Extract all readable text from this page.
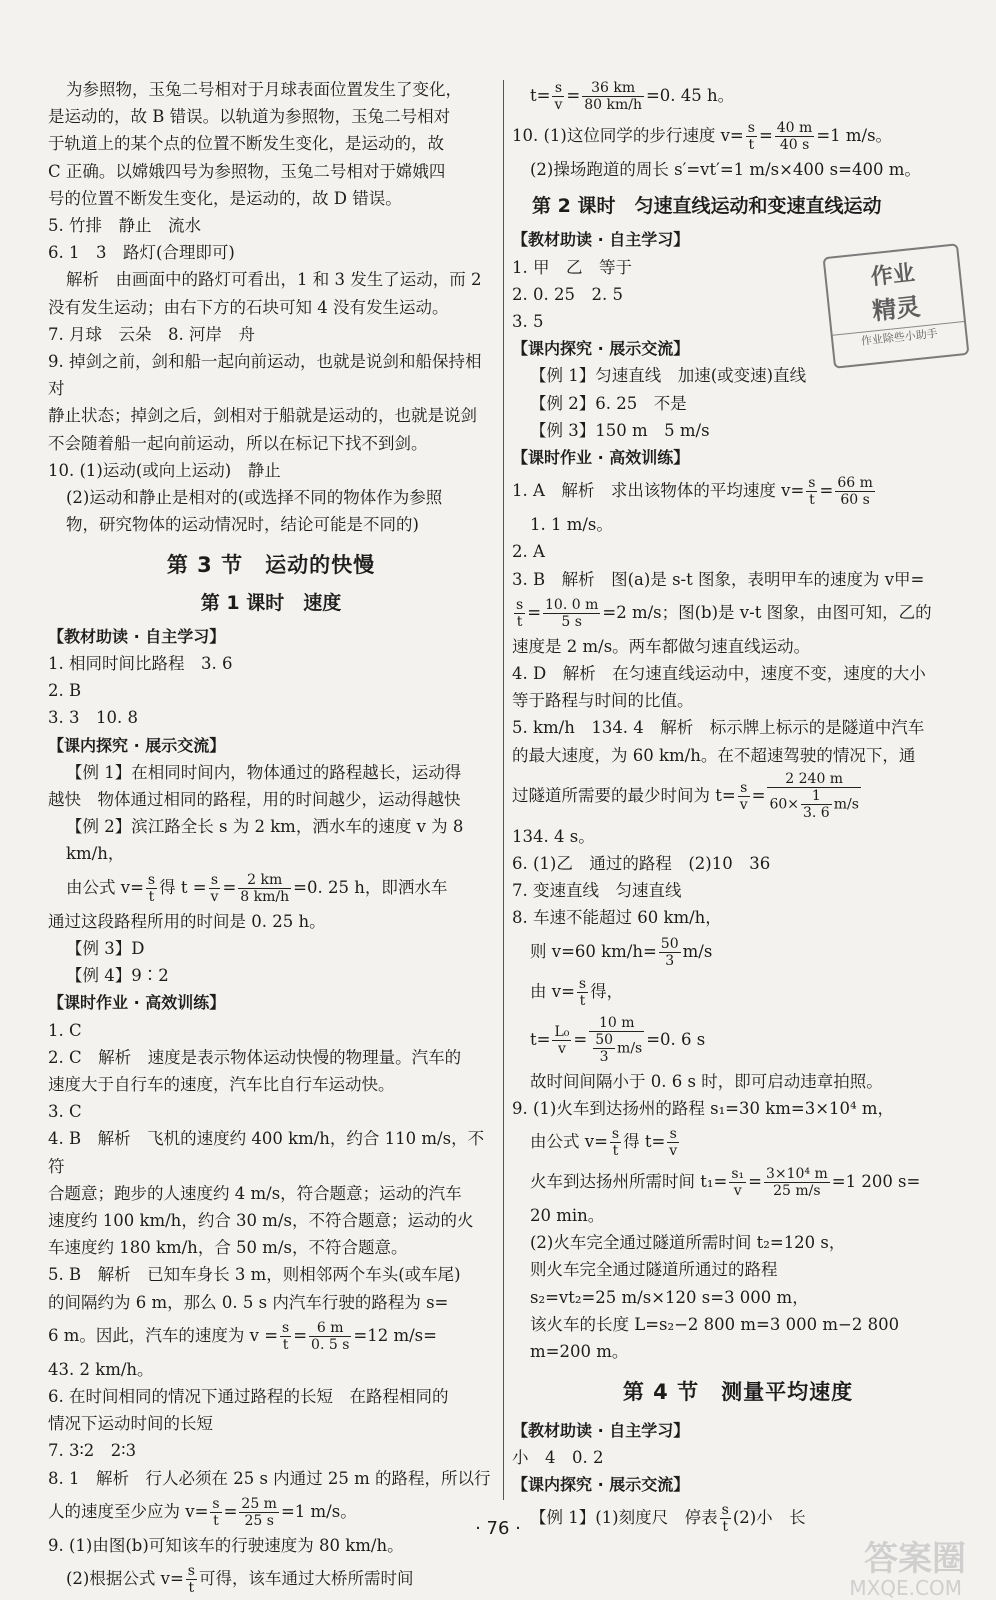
作业
精灵
作业除些小助手

为参照物，玉兔二号相对于月球表面位置发生了变化，

是运动的，故 B 错误。以轨道为参照物，玉兔二号相对

于轨道上的某个点的位置不断发生变化，是运动的，故

C 正确。以嫦娥四号为参照物，玉兔二号相对于嫦娥四

号的位置不断发生变化，是运动的，故 D 错误。

5. 竹排　静止　流水

6. 1　3　路灯(合理即可)

解析　由画面中的路灯可看出，1 和 3 发生了运动，而 2

没有发生运动；由右下方的石块可知 4 没有发生运动。

7. 月球　云朵　8. 河岸　舟

9. 掉剑之前，剑和船一起向前运动，也就是说剑和船保持相对

静止状态；掉剑之后，剑相对于船就是运动的，也就是说剑

不会随着船一起向前运动，所以在标记下找不到剑。

10. (1)运动(或向上运动)　静止

(2)运动和静止是相对的(或选择不同的物体作为参照

物，研究物体的运动情况时，结论可能是不同的)

第 3 节　运动的快慢
第 1 课时　速度

【教材助读 · 自主学习】

1. 相同时间比路程　3. 6

2. B

3. 3　10. 8

【课内探究 · 展示交流】

【例 1】在相同时间内，物体通过的路程越长，运动得

越快　物体通过相同的路程，用的时间越少，运动得越快

【例 2】滨江路全长 s 为 2 km，洒水车的速度 v 为 8 km/h，

由公式 $v= \frac{s}{t}$ 得 $t = \frac{s}{v} = \frac{2 km}{8 km/h} =0$. 25 h，即洒水车

通过这段路程所用的时间是 0. 25 h。

【例 3】D

【例 4】9∶2

【课时作业 · 高效训练】

1. C

2. C　解析　速度是表示物体运动快慢的物理量。汽车的

速度大于自行车的速度，汽车比自行车运动快。

3. C

4. B　解析　飞机的速度约 400 km/h，约合 110 m/s，不符

合题意；跑步的人速度约 4 m/s，符合题意；运动的汽车

速度约 100 km/h，约合 30 m/s，不符合题意；运动的火

车速度约 180 km/h，合 50 m/s，不符合题意。

5. B　解析　已知车身长 3 m，则相邻两个车头(或车尾)

的间隔约为 6 m，那么 0. 5 s 内汽车行驶的路程为 s=

6 m。因此，汽车的速度为 $v = \frac{s}{t} = \frac{6 m}{0. 5 s} =12$ m/s=

43. 2 km/h。

6. 在时间相同的情况下通过路程的长短　在路程相同的

情况下运动时间的长短

7. 3∶2　2∶3

8. 1　解析　行人必须在 25 s 内通过 25 m 的路程，所以行

人的速度至少应为 $v= \frac{s}{t} = \frac{25 m}{25 s} =1$ m/s。

9. (1)由图(b)可知该车的行驶速度为 80 km/h。

(2)根据公式 $v= \frac{s}{t}$ 可得，该车通过大桥所需时间

$t= \frac{s}{v} = \frac{36 km}{80 km/h} =0$. 45 h。

10. (1)这位同学的步行速度 $v= \frac{s}{t} = \frac{40 m}{40 s} =1$ m/s。

(2)操场跑道的周长 s′=vt′=1 m/s×400 s=400 m。

第 2 课时　匀速直线运动和变速直线运动

【教材助读 · 自主学习】

1. 甲　乙　等于

2. 0. 25　2. 5

3. 5

【课内探究 · 展示交流】

【例 1】匀速直线　加速(或变速)直线

【例 2】6. 25　不是

【例 3】150 m　5 m/s

【课时作业 · 高效训练】

1. A　解析　求出该物体的平均速度 $v= \frac{s}{t} = \frac{66 m}{60 s}$

1. 1 m/s。

2. A

3. B　解析　图(a)是 s-t 图象，表明甲车的速度为 v甲=

$\frac{s}{t} = \frac{10. 0 m}{5 s} =2$ m/s；图(b)是 v-t 图象，由图可知，乙的

速度是 2 m/s。两车都做匀速直线运动。

4. D　解析　在匀速直线运动中，速度不变，速度的大小

等于路程与时间的比值。

5. km/h　134. 4　解析　标示牌上标示的是隧道中汽车

的最大速度，为 60 km/h。在不超速驾驶的情况下，通

过隧道所需要的最少时间为 $t= \frac{s}{v} = \frac{2 240 m}{60\times \frac{1}{3. 6} m/s}$

134. 4 s。

6. (1)乙　通过的路程　(2)10　36

7. 变速直线　匀速直线

8. 车速不能超过 60 km/h，

则 v=60 $km/h= \frac{50}{3} m/s$

由 $v= \frac{s}{t}$ 得，

$t= \frac{\text{L₀}}{v} = \frac{10 m}{\frac{50}{3} m/s} =0$. 6 s

故时间间隔小于 0. 6 s 时，即可启动违章拍照。

9. (1)火车到达扬州的路程 s₁=30 km=3×10⁴ m，

由公式 $v= \frac{s}{t}$ 得 $t= \frac{s}{v}$

火车到达扬州所需时间 $t_1= \frac{\text{s₁}}{v} = \frac{\text{3×10⁴ m}}{25 m/s} =1$ 200 s=

20 min。

(2)火车完全通过隧道所需时间 t₂=120 s，

则火车完全通过隧道所通过的路程

s₂=vt₂=25 m/s×120 s=3 000 m，

该火车的长度 L=s₂−2 800 m=3 000 m−2 800 m=200 m。

第 4 节　测量平均速度

【教材助读 · 自主学习】

小　4　0. 2

【课内探究 · 展示交流】

【例 1】(1)刻度尺　停表 $\frac{s}{t} (2)$小　长

· 76 ·
答案圈
MXQE.COM
